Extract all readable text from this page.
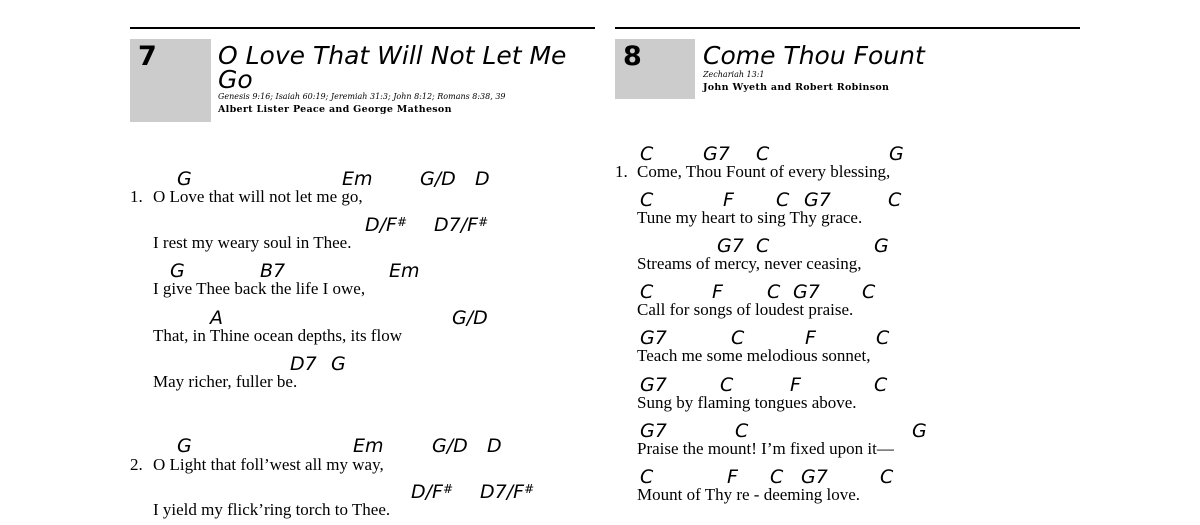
7 O Love That Will Not Let Me Go
Genesis 9:16; Isaiah 60:19; Jeremiah 31:3; John 8:12; Romans 8:38, 39
Albert Lister Peace and George Matheson
1.
G	Em G/D D
O Love that will not let me go,
D/F# D7/F#
I rest my weary soul in Thee.
G	B7	Em
I give Thee back the life I owe,
A	G/D
That, in Thine ocean depths, its flow
D7 G
May richer, fuller be.
2.
G	Em	G/D D
O Light that foll’west all my way,
D/F# D7/F#
I yield my flick’ring torch to Thee.
8 Come Thou Fount
Zechariah 13:1
John Wyeth and Robert Robinson
1.
C	G7 C	G
Come, Thou Fount of every blessing,
C	F C G7	C
Tune my heart to sing Thy grace.
G7 C	G
Streams of mercy, never ceasing,
C	F C G7 C
Call for songs of loudest praise.
G7	C	F	C
Teach me some melodious sonnet,
G7	C	F	C
Sung by flaming tongues above.
G7	C	G
Praise the mount! I’m fixed upon it—
C	F C G7	C
Mount of Thy re - deeming love.
